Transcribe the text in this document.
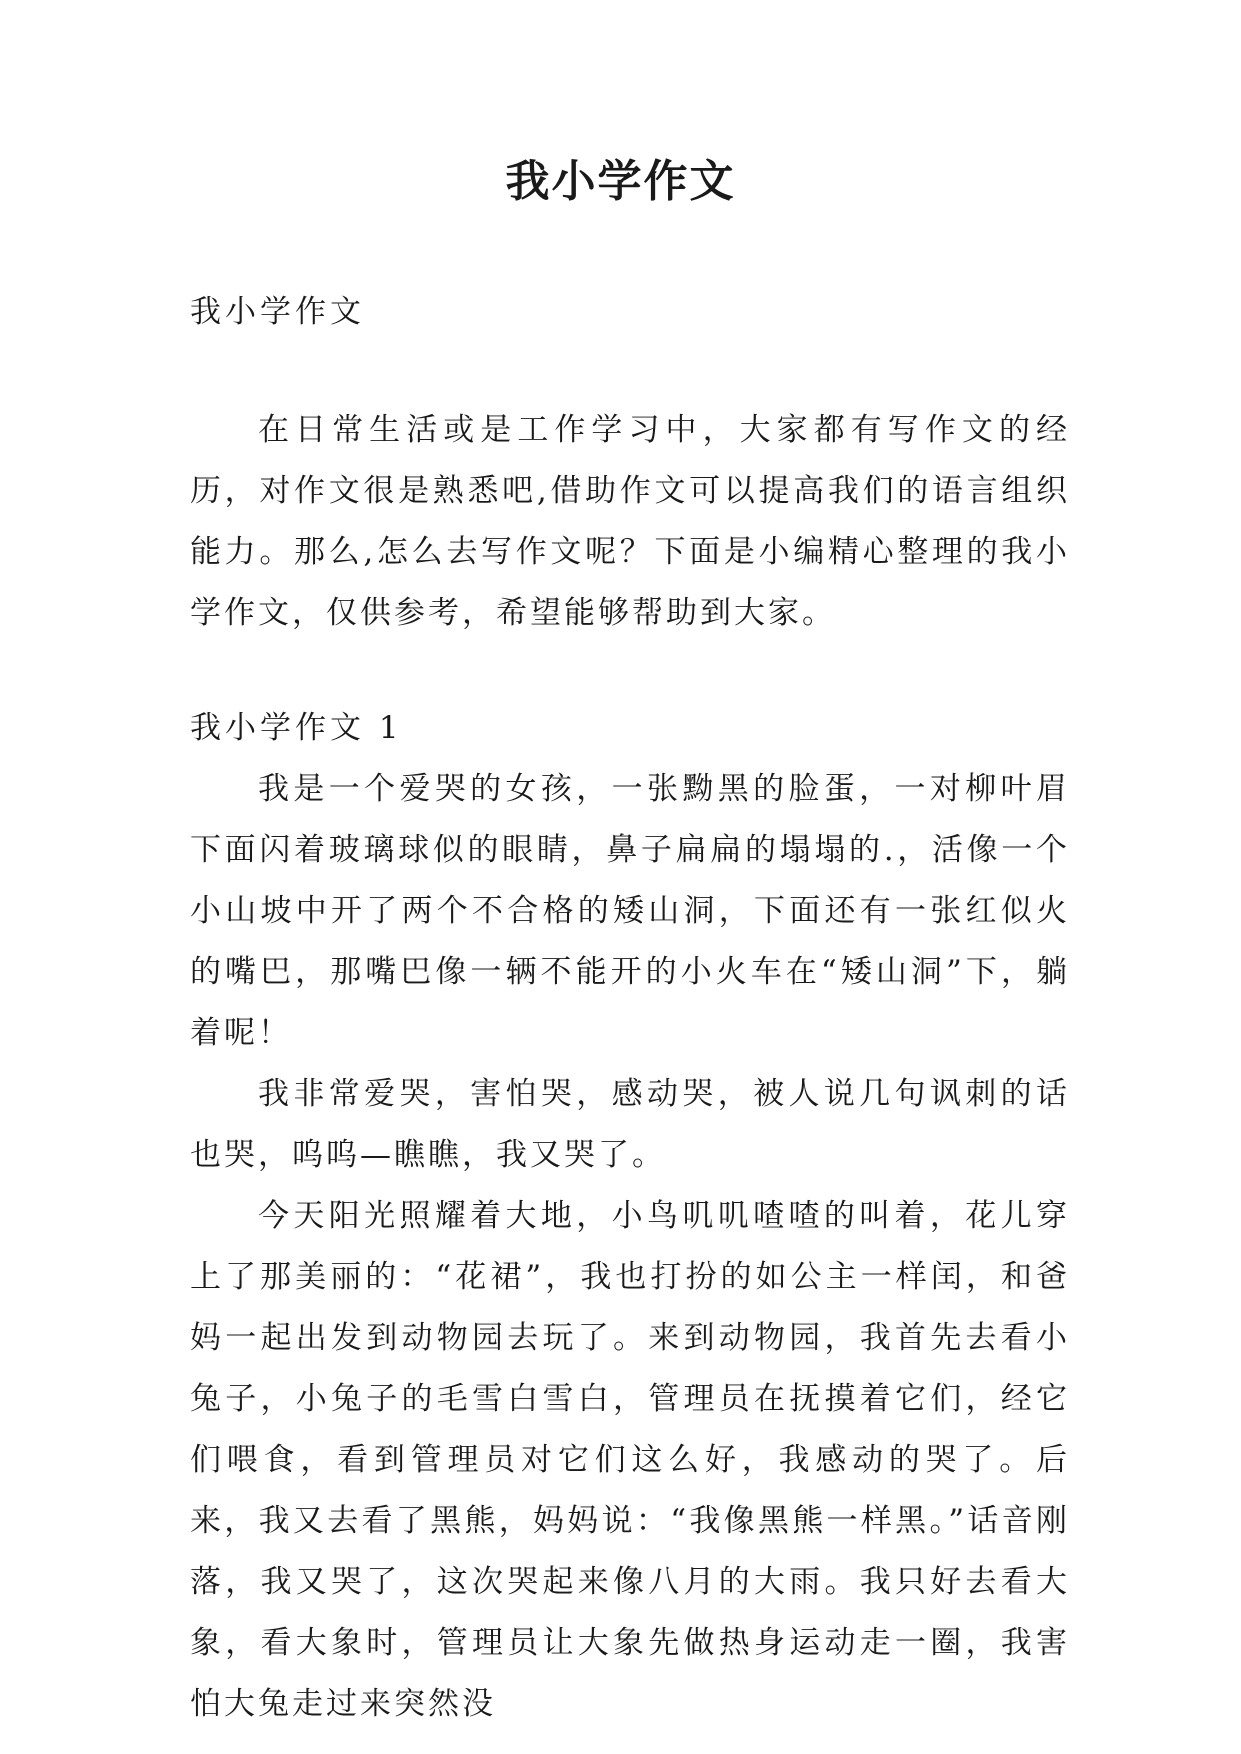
我小学作文
我小学作文

在日常生活或是工作学习中，大家都有写作文的经历，对作文很是熟悉吧,借助作文可以提高我们的语言组织能力。那么,怎么去写作文呢？下面是小编精心整理的我小学作文，仅供参考，希望能够帮助到大家。

我小学作文 1

我是一个爱哭的女孩，一张黝黑的脸蛋，一对柳叶眉下面闪着玻璃球似的眼睛，鼻子扁扁的塌塌的.，活像一个小山坡中开了两个不合格的矮山洞，下面还有一张红似火的嘴巴，那嘴巴像一辆不能开的小火车在“矮山洞”下，躺着呢！

我非常爱哭，害怕哭，感动哭，被人说几句讽刺的话也哭，呜呜—瞧瞧，我又哭了。

今天阳光照耀着大地，小鸟叽叽喳喳的叫着，花儿穿上了那美丽的：“花裙”，我也打扮的如公主一样闰，和爸妈一起出发到动物园去玩了。来到动物园，我首先去看小兔子，小兔子的毛雪白雪白，管理员在抚摸着它们，经它们喂食，看到管理员对它们这么好，我感动的哭了。后来，我又去看了黑熊，妈妈说：“我像黑熊一样黑。”话音刚落，我又哭了，这次哭起来像八月的大雨。我只好去看大象，看大象时，管理员让大象先做热身运动走一圈，我害怕大兔走过来突然没
